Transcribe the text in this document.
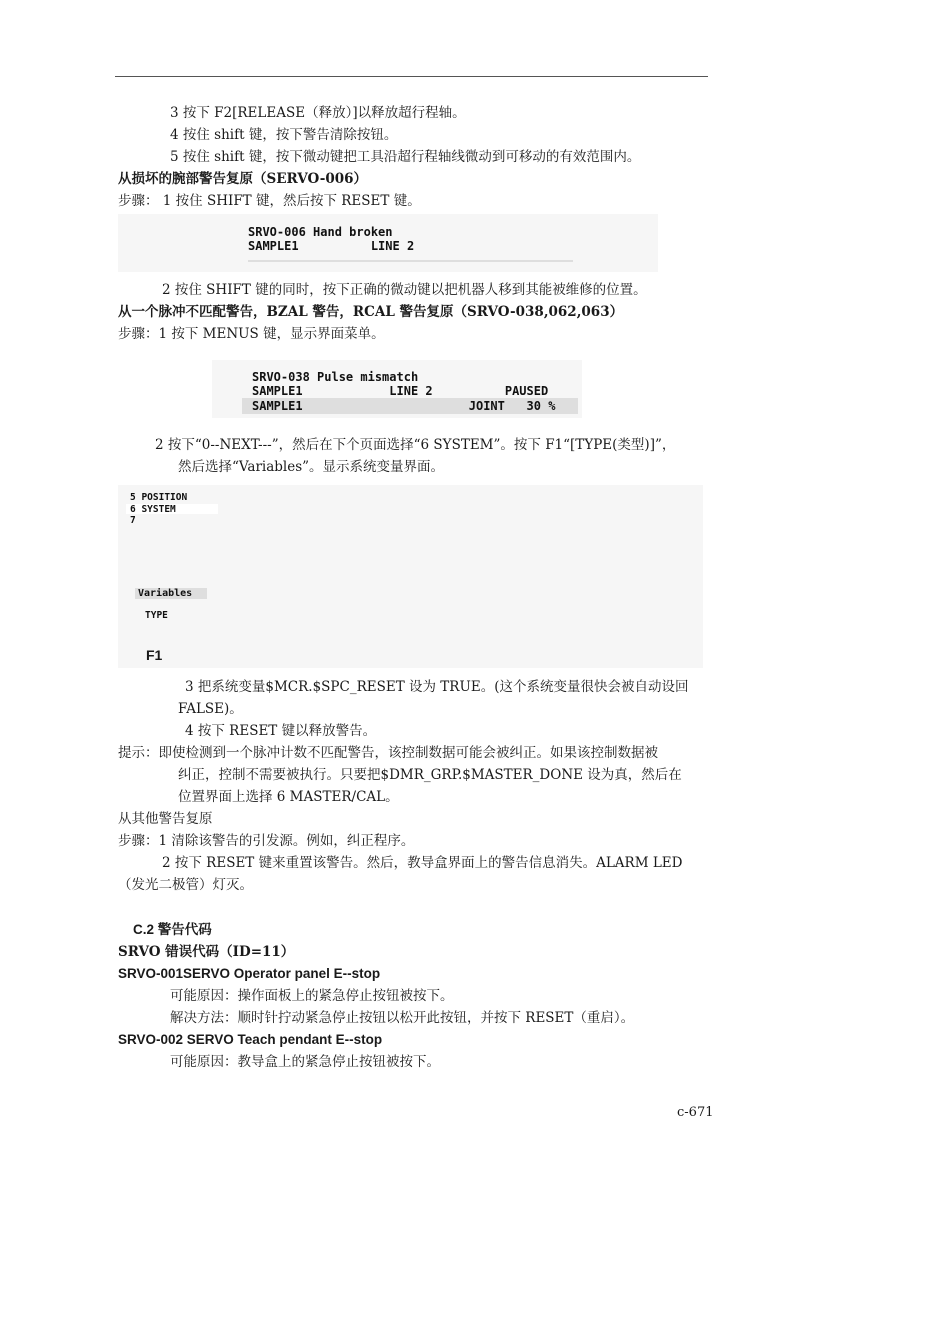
3 按下 F2[RELEASE（释放）]以释放超行程轴。
4 按住 shift 键，按下警告清除按钮。
5 按住 shift 键，按下微动键把工具沿超行程轴线微动到可移动的有效范围内。
从损坏的腕部警告复原（SERVO-006）
步骤： 1 按住 SHIFT 键，然后按下 RESET 键。
SRVO-006 Hand broken
SAMPLE1          LINE 2
2 按住 SHIFT 键的同时，按下正确的微动键以把机器人移到其能被维修的位置。
从一个脉冲不匹配警告，BZAL 警告，RCAL 警告复原（SRVO-038,062,063）
步骤：1 按下 MENUS 键，显示界面菜单。
SRVO-038 Pulse mismatch
SAMPLE1            LINE 2          PAUSED
SAMPLE1                       JOINT   30 %
2 按下“0--NEXT---”，然后在下个页面选择“6 SYSTEM”。按下 F1“[TYPE(类型)]”，
然后选择“Variables”。显示系统变量界面。
5 POSITION
6 SYSTEM
7
Variables
TYPE
F1
3 把系统变量$MCR.$SPC_RESET 设为 TRUE。(这个系统变量很快会被自动设回
FALSE)。
4 按下 RESET 键以释放警告。
提示：即使检测到一个脉冲计数不匹配警告，该控制数据可能会被纠正。如果该控制数据被
纠正，控制不需要被执行。只要把$DMR_GRP.$MASTER_DONE 设为真，然后在
位置界面上选择 6 MASTER/CAL。
从其他警告复原
步骤：1 清除该警告的引发源。例如，纠正程序。
2 按下 RESET 键来重置该警告。然后，教导盒界面上的警告信息消失。ALARM LED
（发光二极管）灯灭。
C.2 警告代码
SRVO 错误代码（ID=11）
SRVO-001SERVO Operator panel E--stop
可能原因：操作面板上的紧急停止按钮被按下。
解决方法：顺时针拧动紧急停止按钮以松开此按钮，并按下 RESET（重启）。
SRVO-002 SERVO Teach pendant E--stop
可能原因：教导盒上的紧急停止按钮被按下。
c-671
